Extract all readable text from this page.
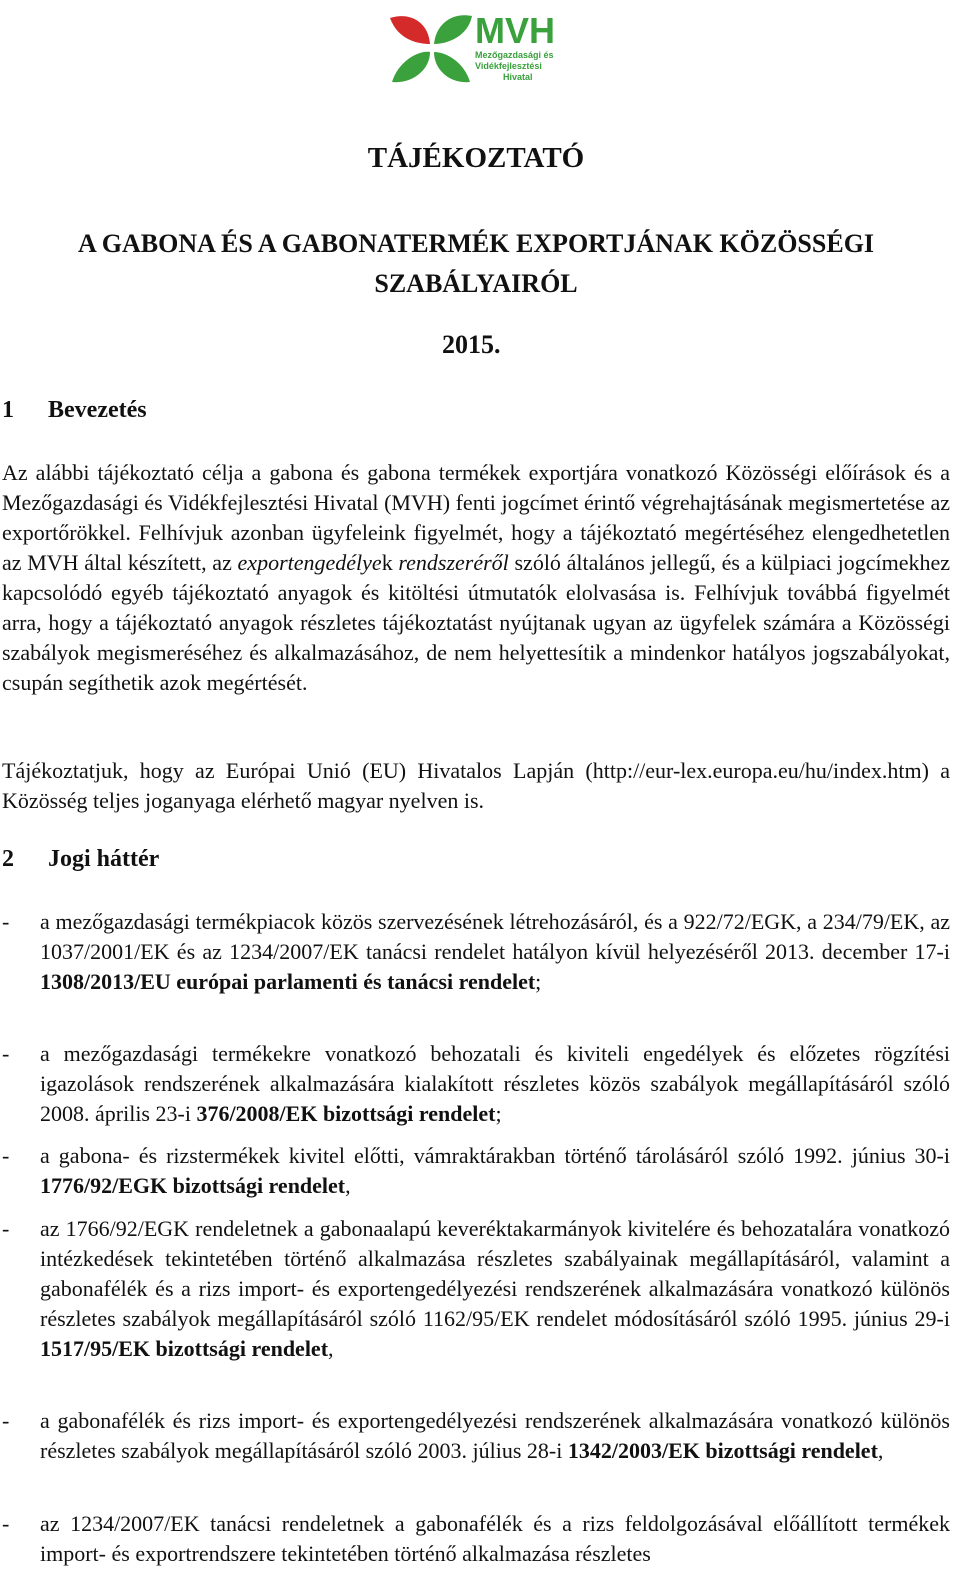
MVH
Mezőgazdasági és
Vidékfejlesztési
Hivatal
TÁJÉKOZTATÓ
A GABONA ÉS A GABONATERMÉK EXPORTJÁNAK KÖZÖSSÉGI SZABÁLYAIRÓL
2015.
1 Bevezetés

Az alábbi tájékoztató célja a gabona és gabona termékek exportjára vonatkozó Közösségi előírások és a Mezőgazdasági és Vidékfejlesztési Hivatal (MVH) fenti jogcímet érintő végrehajtásának megismertetése az exportőrökkel. Felhívjuk azonban ügyfeleink figyelmét, hogy a tájékoztató megértéséhez elengedhetetlen az MVH által készített, az exportengedélyek rendszeréről szóló általános jellegű, és a külpiaci jogcímekhez kapcsolódó egyéb tájékoztató anyagok és kitöltési útmutatók elolvasása is. Felhívjuk továbbá figyelmét arra, hogy a tájékoztató anyagok részletes tájékoztatást nyújtanak ugyan az ügyfelek számára a Közösségi szabályok megismeréséhez és alkalmazásához, de nem helyettesítik a mindenkor hatályos jogszabályokat, csupán segíthetik azok megértését.

Tájékoztatjuk, hogy az Európai Unió (EU) Hivatalos Lapján (http://eur-lex.europa.eu/hu/index.htm) a Közösség teljes joganyaga elérhető magyar nyelven is.

2 Jogi háttér
- a mezőgazdasági termékpiacok közös szervezésének létrehozásáról, és a 922/72/EGK, a 234/79/EK, az 1037/2001/EK és az 1234/2007/EK tanácsi rendelet hatályon kívül helyezéséről 2013. december 17-i 1308/2013/EU európai parlamenti és tanácsi rendelet;
- a mezőgazdasági termékekre vonatkozó behozatali és kiviteli engedélyek és előzetes rögzítési igazolások rendszerének alkalmazására kialakított részletes közös szabályok megállapításáról szóló 2008. április 23-i 376/2008/EK bizottsági rendelet;
- a gabona- és rizstermékek kivitel előtti, vámraktárakban történő tárolásáról szóló 1992. június 30-i 1776/92/EGK bizottsági rendelet,
- az 1766/92/EGK rendeletnek a gabonaalapú keveréktakarmányok kivitelére és behozatalára vonatkozó intézkedések tekintetében történő alkalmazása részletes szabályainak megállapításáról, valamint a gabonafélék és a rizs import- és exportengedélyezési rendszerének alkalmazására vonatkozó különös részletes szabályok megállapításáról szóló 1162/95/EK rendelet módosításáról szóló 1995. június 29-i 1517/95/EK bizottsági rendelet,
- a gabonafélék és rizs import- és exportengedélyezési rendszerének alkalmazására vonatkozó különös részletes szabályok megállapításáról szóló 2003. július 28-i 1342/2003/EK bizottsági rendelet,
- az 1234/2007/EK tanácsi rendeletnek a gabonafélék és a rizs feldolgozásával előállított termékek import- és exportrendszere tekintetében történő alkalmazása részletes
